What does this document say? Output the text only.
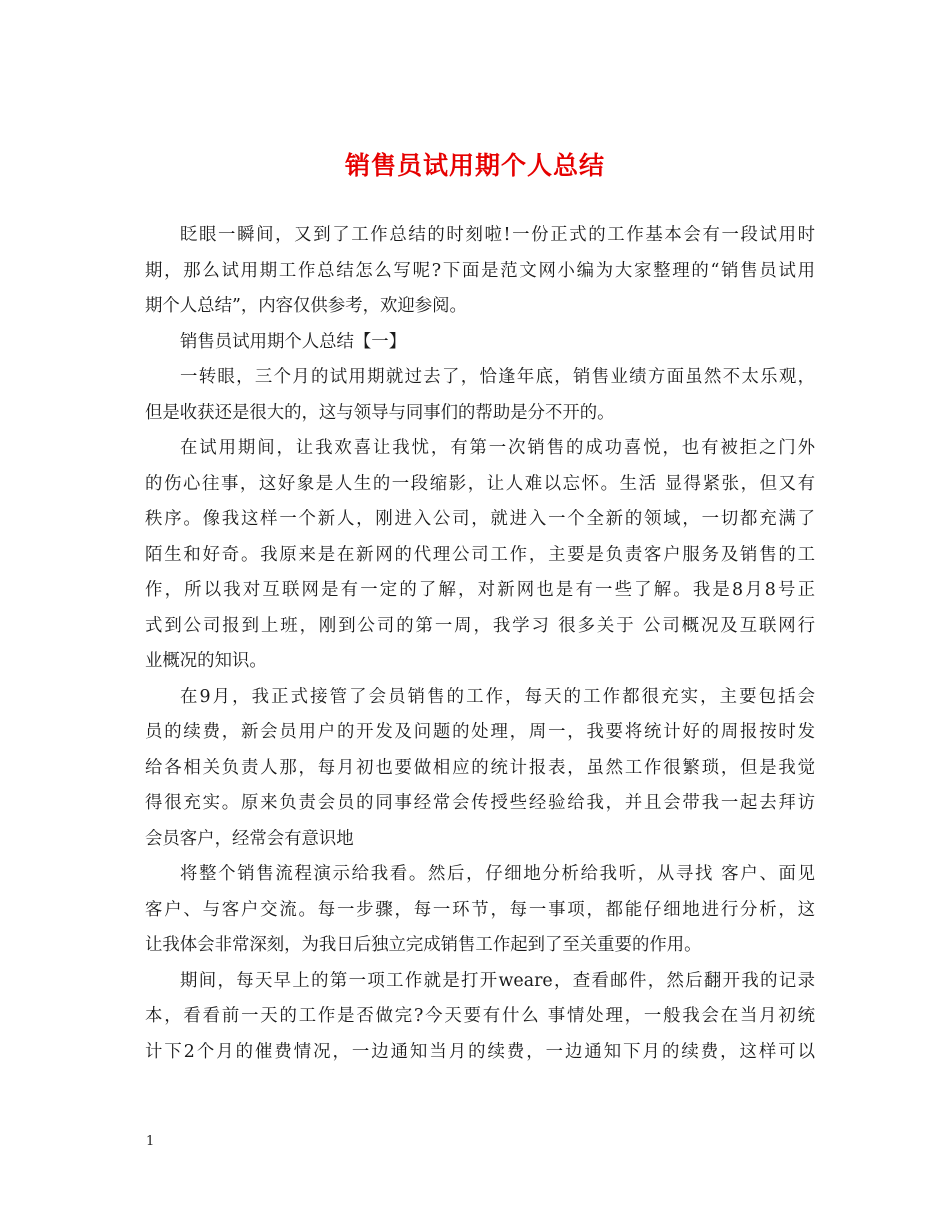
销售员试用期个人总结
眨眼一瞬间，又到了工作总结的时刻啦!一份正式的工作基本会有一段试用时
期，那么试用期工作总结怎么写呢?下面是范文网小编为大家整理的“销售员试用
期个人总结”，内容仅供参考，欢迎参阅。
销售员试用期个人总结【一】
一转眼，三个月的试用期就过去了，恰逢年底，销售业绩方面虽然不太乐观，
但是收获还是很大的，这与领导与同事们的帮助是分不开的。
在试用期间，让我欢喜让我忧，有第一次销售的成功喜悦，也有被拒之门外
的伤心往事，这好象是人生的一段缩影，让人难以忘怀。生活 显得紧张，但又有
秩序。像我这样一个新人，刚进入公司，就进入一个全新的领域，一切都充满了
陌生和好奇。我原来是在新网的代理公司工作，主要是负责客户服务及销售的工
作，所以我对互联网是有一定的了解，对新网也是有一些了解。我是8月8号正
式到公司报到上班，刚到公司的第一周，我学习 很多关于 公司概况及互联网行
业概况的知识。
在9月，我正式接管了会员销售的工作，每天的工作都很充实，主要包括会
员的续费，新会员用户的开发及问题的处理，周一，我要将统计好的周报按时发
给各相关负责人那，每月初也要做相应的统计报表，虽然工作很繁琐，但是我觉
得很充实。原来负责会员的同事经常会传授些经验给我，并且会带我一起去拜访
会员客户，经常会有意识地
将整个销售流程演示给我看。然后，仔细地分析给我听，从寻找 客户、面见
客户、与客户交流。每一步骤，每一环节，每一事项，都能仔细地进行分析，这
让我体会非常深刻，为我日后独立完成销售工作起到了至关重要的作用。
期间，每天早上的第一项工作就是打开weare，查看邮件，然后翻开我的记录
本，看看前一天的工作是否做完?今天要有什么 事情处理，一般我会在当月初统
计下2个月的催费情况，一边通知当月的续费，一边通知下月的续费，这样可以
1
